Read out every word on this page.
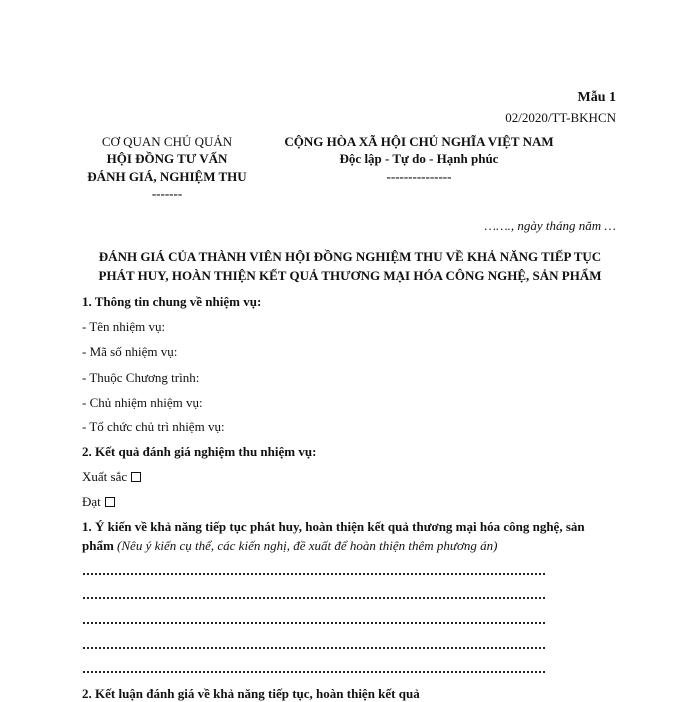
Mẫu 1
02/2020/TT-BKHCN
CƠ QUAN CHỦ QUẢN
HỘI ĐỒNG TƯ VẤN
ĐÁNH GIÁ, NGHIỆM THU
-------
CỘNG HÒA XÃ HỘI CHỦ NGHĨA VIỆT NAM
Độc lập - Tự do - Hạnh phúc
---------------
……., ngày tháng năm …
ĐÁNH GIÁ CỦA THÀNH VIÊN HỘI ĐỒNG NGHIỆM THU VỀ KHẢ NĂNG TIẾP TỤC
PHÁT HUY, HOÀN THIỆN KẾT QUẢ THƯƠNG MẠI HÓA CÔNG NGHỆ, SẢN PHẨM
1. Thông tin chung về nhiệm vụ:
- Tên nhiệm vụ:
- Mã số nhiệm vụ:
- Thuộc Chương trình:
- Chủ nhiệm nhiệm vụ:
- Tổ chức chủ trì nhiệm vụ:
2. Kết quả đánh giá nghiệm thu nhiệm vụ:
Xuất sắc
Đạt
1. Ý kiến về khả năng tiếp tục phát huy, hoàn thiện kết quả thương mại hóa công nghệ, sản
phẩm (Nêu ý kiến cụ thể, các kiến nghị, đề xuất để hoàn thiện thêm phương án)
2. Kết luận đánh giá về khả năng tiếp tục, hoàn thiện kết quả
